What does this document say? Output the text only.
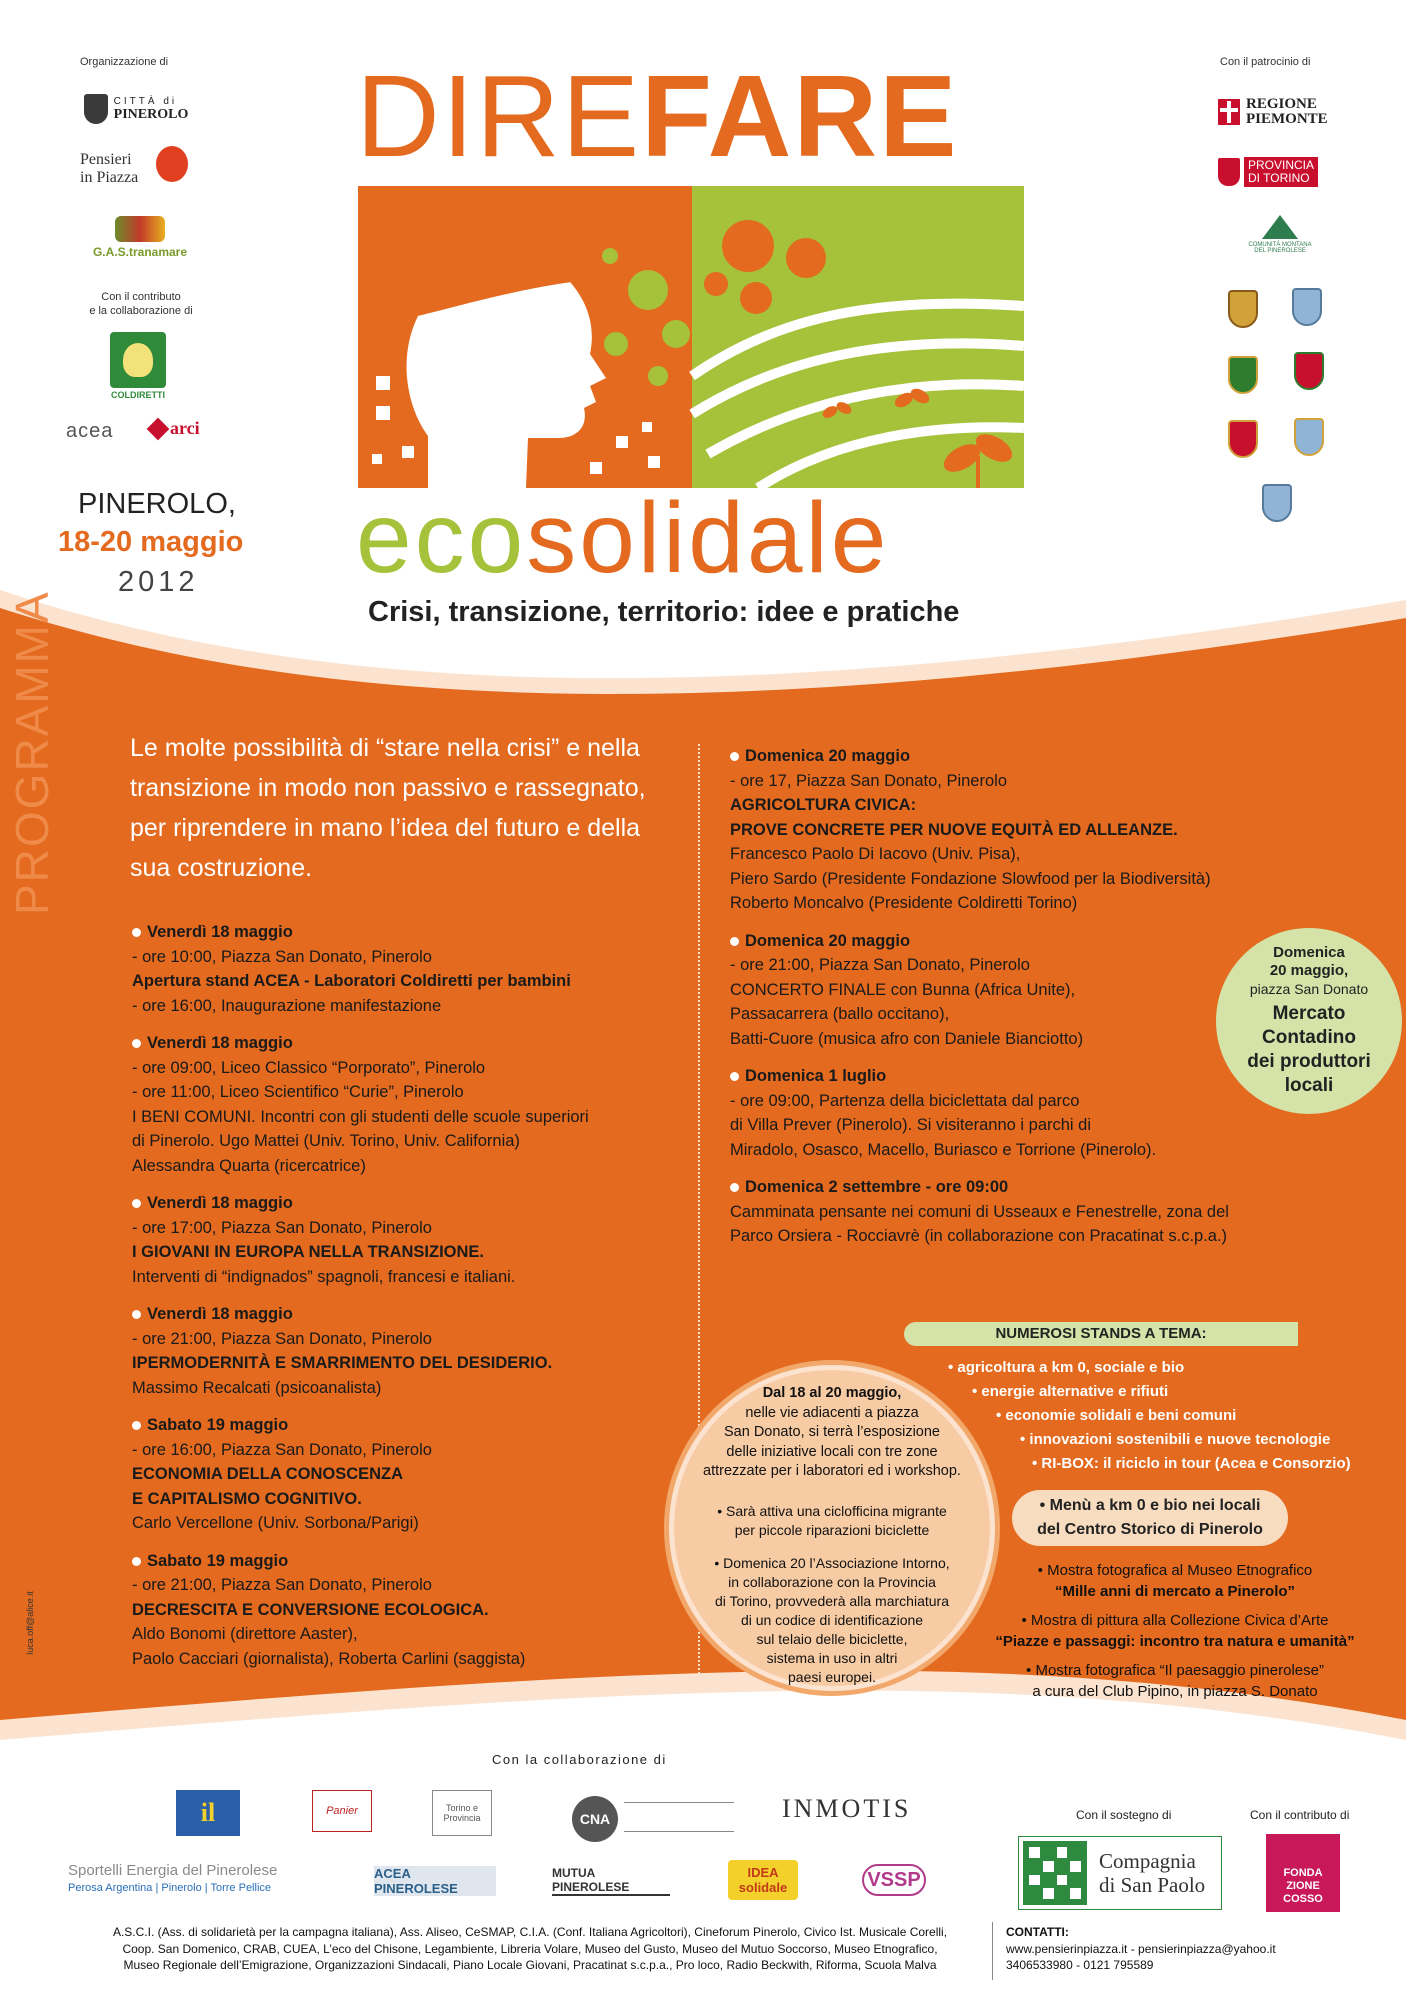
Organizzazione di
CITTÀ di
PINEROLO
Pensieri
in Piazza
G.A.S.tranamare
Con il contributo
e la collaborazione di
COLDIRETTI
acea	arci
PINEROLO,
18-20 maggio
2012
PROGRAMMA
DIREFARE
ecosolidale
Crisi, transizione, territorio: idee e pratiche
Con il patrocinio di
REGIONE
PIEMONTE
PROVINCIA
DI TORINO
COMUNITÀ MONTANA
DEL PINEROLESE
Le molte possibilità di “stare nella crisi” e nella transizione in modo non passivo e rassegnato, per riprendere in mano l’idea del futuro e della sua costruzione.
Venerdì 18 maggio
- ore 10:00, Piazza San Donato, Pinerolo
Apertura stand ACEA - Laboratori Coldiretti per bambini
- ore 16:00, Inaugurazione manifestazione
Venerdì 18 maggio
- ore 09:00, Liceo Classico “Porporato”, Pinerolo
- ore 11:00, Liceo Scientifico “Curie”, Pinerolo
I BENI COMUNI. Incontri con gli studenti delle scuole superiori
di Pinerolo. Ugo Mattei (Univ. Torino, Univ. California)
Alessandra Quarta (ricercatrice)
Venerdì 18 maggio
- ore 17:00, Piazza San Donato, Pinerolo
I GIOVANI IN EUROPA NELLA TRANSIZIONE.
Interventi di “indignados” spagnoli, francesi e italiani.
Venerdì 18 maggio
- ore 21:00, Piazza San Donato, Pinerolo
IPERMODERNITÀ E SMARRIMENTO DEL DESIDERIO.
Massimo Recalcati (psicoanalista)
Sabato 19 maggio
- ore 16:00, Piazza San Donato, Pinerolo
ECONOMIA DELLA CONOSCENZA
E CAPITALISMO COGNITIVO.
Carlo Vercellone (Univ. Sorbona/Parigi)
Sabato 19 maggio
- ore 21:00, Piazza San Donato, Pinerolo
DECRESCITA E CONVERSIONE ECOLOGICA.
Aldo Bonomi (direttore Aaster),
Paolo Cacciari (giornalista), Roberta Carlini (saggista)
Domenica 20 maggio
- ore 17, Piazza San Donato, Pinerolo
AGRICOLTURA CIVICA:
PROVE CONCRETE PER NUOVE EQUITÀ ED ALLEANZE.
Francesco Paolo Di Iacovo (Univ. Pisa),
Piero Sardo (Presidente Fondazione Slowfood per la Biodiversità)
Roberto Moncalvo (Presidente Coldiretti Torino)
Domenica 20 maggio
- ore 21:00, Piazza San Donato, Pinerolo
CONCERTO FINALE con Bunna (Africa Unite),
Passacarrera (ballo occitano),
Batti-Cuore (musica afro con Daniele Bianciotto)
Domenica 1 luglio
- ore 09:00, Partenza della biciclettata dal parco
di Villa Prever (Pinerolo). Si visiteranno i parchi di
Miradolo, Osasco, Macello, Buriasco e Torrione (Pinerolo).
Domenica 2 settembre - ore 09:00
Camminata pensante nei comuni di Usseaux e Fenestrelle, zona del
Parco Orsiera - Rocciavrè (in collaborazione con Pracatinat s.c.p.a.)
Domenica
20 maggio,
piazza San Donato
Mercato
Contadino
dei produttori
locali
NUMEROSI STANDS A TEMA:
• agricoltura a km 0, sociale e bio
• energie alternative e rifiuti
• economie solidali e beni comuni
• innovazioni sostenibili e nuove tecnologie
• RI-BOX: il riciclo in tour (Acea e Consorzio)
• Menù a km 0 e bio nei locali
del Centro Storico di Pinerolo
• Mostra fotografica al Museo Etnografico
“Mille anni di mercato a Pinerolo”
• Mostra di pittura alla Collezione Civica d’Arte
“Piazze e passaggi: incontro tra natura e umanità”
• Mostra fotografica “Il paesaggio pinerolese”
a cura del Club Pipino, in piazza S. Donato
Dal 18 al 20 maggio,
nelle vie adiacenti a piazza
San Donato, si terrà l’esposizione
delle iniziative locali con tre zone
attrezzate per i laboratori ed i workshop.
• Sarà attiva una ciclofficina migrante
per piccole riparazioni biciclette
• Domenica 20 l’Associazione Intorno,
in collaborazione con la Provincia
di Torino, provvederà alla marchiatura
di un codice di identificazione
sul telaio delle biciclette,
sistema in uso in altri
paesi europei.
luca.off@alice.it
Con la collaborazione di
il	Panier	Torino e Provincia	CNA	INMOTIS	Con il sostegno di	Con il contributo di
Sportelli Energia del Pinerolese
Perosa Argentina | Pinerolo | Torre Pellice
ACEA PINEROLESE
MUTUA PINEROLESE
IDEA solidale	VSSP
Compagnia
di San Paolo	FONDA ZIONE COSSO
A.S.C.I. (Ass. di solidarietà per la campagna italiana), Ass. Aliseo, CeSMAP, C.I.A. (Conf. Italiana Agricoltori), Cineforum Pinerolo, Civico Ist. Musicale Corelli,
Coop. San Domenico, CRAB, CUEA, L’eco del Chisone, Legambiente, Libreria Volare, Museo del Gusto, Museo del Mutuo Soccorso, Museo Etnografico,
Museo Regionale dell’Emigrazione, Organizzazioni Sindacali, Piano Locale Giovani, Pracatinat s.c.p.a., Pro loco, Radio Beckwith, Riforma, Scuola Malva
CONTATTI:
www.pensierinpiazza.it - pensierinpiazza@yahoo.it
3406533980 - 0121 795589
